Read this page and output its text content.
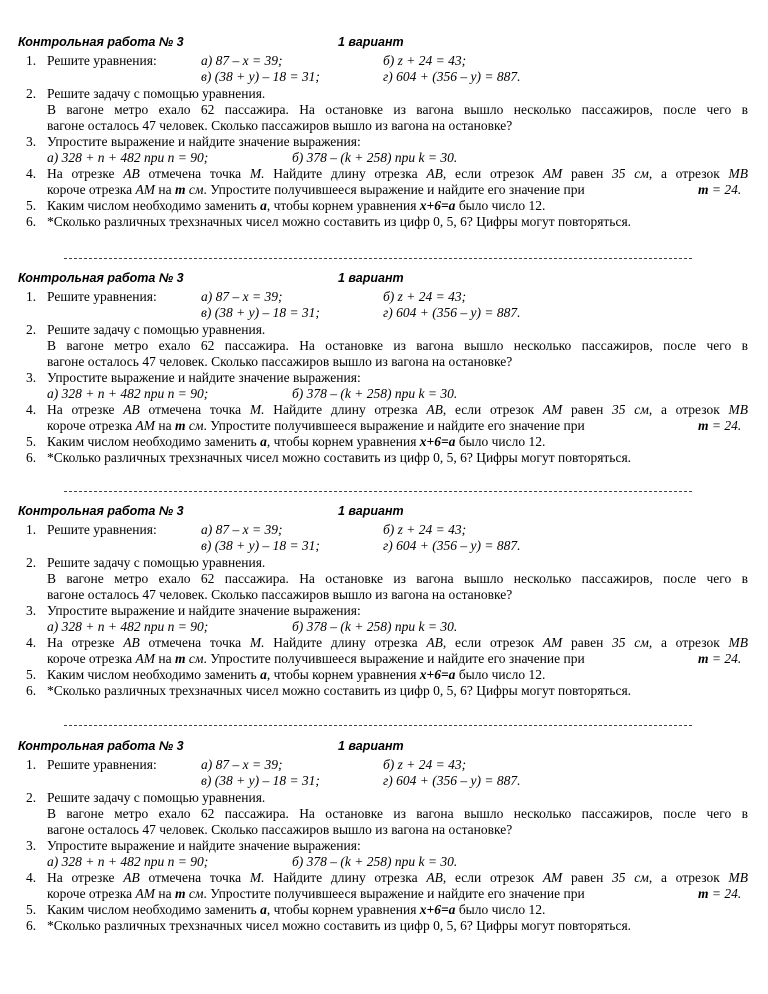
Контрольная работа № 3	1 вариант
1. Решите уравнения:	а) 87 – x = 39;	б) z + 24 = 43;
в) (38 + y) – 18 = 31;	г) 604 + (356 – y) = 887.
2. Решите задачу с помощью уравнения.
В вагоне метро ехало 62 пассажира. На остановке из вагона вышло несколько пассажиров, после чего в
вагоне осталось 47 человек. Сколько пассажиров вышло из вагона на остановке?
3. Упростите выражение и найдите значение выражения:
а) 328 + n + 482 при n = 90;	б) 378 – (k + 258) при k = 30.
4. На отрезке АВ отмечена точка М. Найдите длину отрезка АВ, если отрезок АМ равен 35 см, а отрезок МВ
короче отрезка АМ на m см. Упростите получившееся выражение и найдите его значение при	m = 24.
5. Каким числом необходимо заменить а, чтобы корнем уравнения х+6=а было число 12.
6. *Сколько различных трехзначных чисел можно составить из цифр 0, 5, 6? Цифры могут повторяться.
Контрольная работа № 3	1 вариант
1. Решите уравнения:	а) 87 – x = 39;	б) z + 24 = 43;
в) (38 + y) – 18 = 31;	г) 604 + (356 – y) = 887.
2. Решите задачу с помощью уравнения.
В вагоне метро ехало 62 пассажира. На остановке из вагона вышло несколько пассажиров, после чего в
вагоне осталось 47 человек. Сколько пассажиров вышло из вагона на остановке?
3. Упростите выражение и найдите значение выражения:
а) 328 + n + 482 при n = 90;	б) 378 – (k + 258) при k = 30.
4. На отрезке АВ отмечена точка М. Найдите длину отрезка АВ, если отрезок АМ равен 35 см, а отрезок МВ
короче отрезка АМ на m см. Упростите получившееся выражение и найдите его значение при	m = 24.
5. Каким числом необходимо заменить а, чтобы корнем уравнения х+6=а было число 12.
6. *Сколько различных трехзначных чисел можно составить из цифр 0, 5, 6? Цифры могут повторяться.
Контрольная работа № 3	1 вариант
1. Решите уравнения:	а) 87 – x = 39;	б) z + 24 = 43;
в) (38 + y) – 18 = 31;	г) 604 + (356 – y) = 887.
2. Решите задачу с помощью уравнения.
В вагоне метро ехало 62 пассажира. На остановке из вагона вышло несколько пассажиров, после чего в
вагоне осталось 47 человек. Сколько пассажиров вышло из вагона на остановке?
3. Упростите выражение и найдите значение выражения:
а) 328 + n + 482 при n = 90;	б) 378 – (k + 258) при k = 30.
4. На отрезке АВ отмечена точка М. Найдите длину отрезка АВ, если отрезок АМ равен 35 см, а отрезок МВ
короче отрезка АМ на m см. Упростите получившееся выражение и найдите его значение при	m = 24.
5. Каким числом необходимо заменить а, чтобы корнем уравнения х+6=а было число 12.
6. *Сколько различных трехзначных чисел можно составить из цифр 0, 5, 6? Цифры могут повторяться.
Контрольная работа № 3	1 вариант
1. Решите уравнения:	а) 87 – x = 39;	б) z + 24 = 43;
в) (38 + y) – 18 = 31;	г) 604 + (356 – y) = 887.
2. Решите задачу с помощью уравнения.
В вагоне метро ехало 62 пассажира. На остановке из вагона вышло несколько пассажиров, после чего в
вагоне осталось 47 человек. Сколько пассажиров вышло из вагона на остановке?
3. Упростите выражение и найдите значение выражения:
а) 328 + n + 482 при n = 90;	б) 378 – (k + 258) при k = 30.
4. На отрезке АВ отмечена точка М. Найдите длину отрезка АВ, если отрезок АМ равен 35 см, а отрезок МВ
короче отрезка АМ на m см. Упростите получившееся выражение и найдите его значение при	m = 24.
5. Каким числом необходимо заменить а, чтобы корнем уравнения х+6=а было число 12.
6. *Сколько различных трехзначных чисел можно составить из цифр 0, 5, 6? Цифры могут повторяться.
